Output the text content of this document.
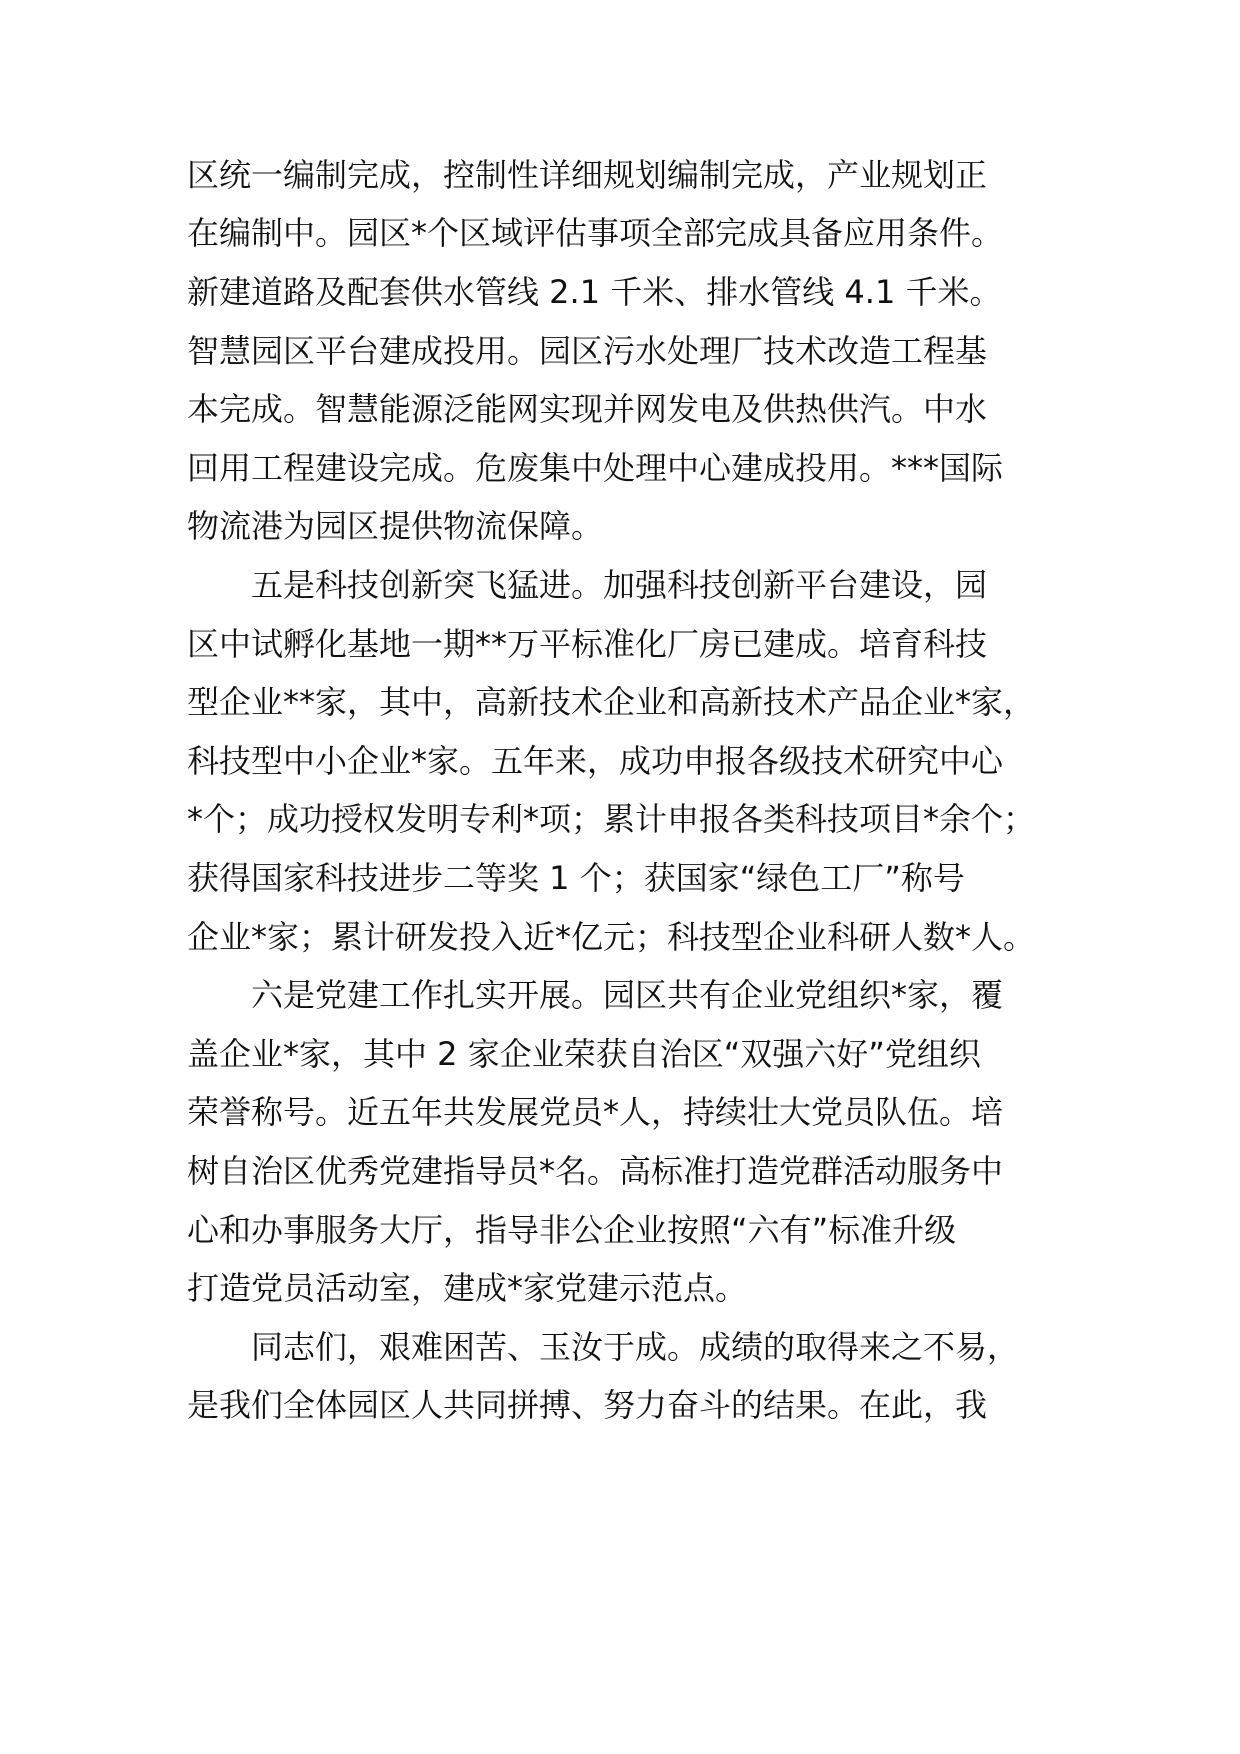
区统一编制完成，控制性详细规划编制完成，产业规划正
在编制中。园区*个区域评估事项全部完成具备应用条件。
新建道路及配套供水管线 2.1 千米、排水管线 4.1 千米。
智慧园区平台建成投用。园区污水处理厂技术改造工程基
本完成。智慧能源泛能网实现并网发电及供热供汽。中水
回用工程建设完成。危废集中处理中心建成投用。***国际
物流港为园区提供物流保障。
五是科技创新突飞猛进。加强科技创新平台建设，园
区中试孵化基地一期**万平标准化厂房已建成。培育科技
型企业**家，其中，高新技术企业和高新技术产品企业*家，
科技型中小企业*家。五年来，成功申报各级技术研究中心
*个；成功授权发明专利*项；累计申报各类科技项目*余个；
获得国家科技进步二等奖 1 个；获国家“绿色工厂”称号
企业*家；累计研发投入近*亿元；科技型企业科研人数*人。
六是党建工作扎实开展。园区共有企业党组织*家，覆
盖企业*家，其中 2 家企业荣获自治区“双强六好”党组织
荣誉称号。近五年共发展党员*人，持续壮大党员队伍。培
树自治区优秀党建指导员*名。高标准打造党群活动服务中
心和办事服务大厅，指导非公企业按照“六有”标准升级
打造党员活动室，建成*家党建示范点。
同志们，艰难困苦、玉汝于成。成绩的取得来之不易，
是我们全体园区人共同拼搏、努力奋斗的结果。在此，我
